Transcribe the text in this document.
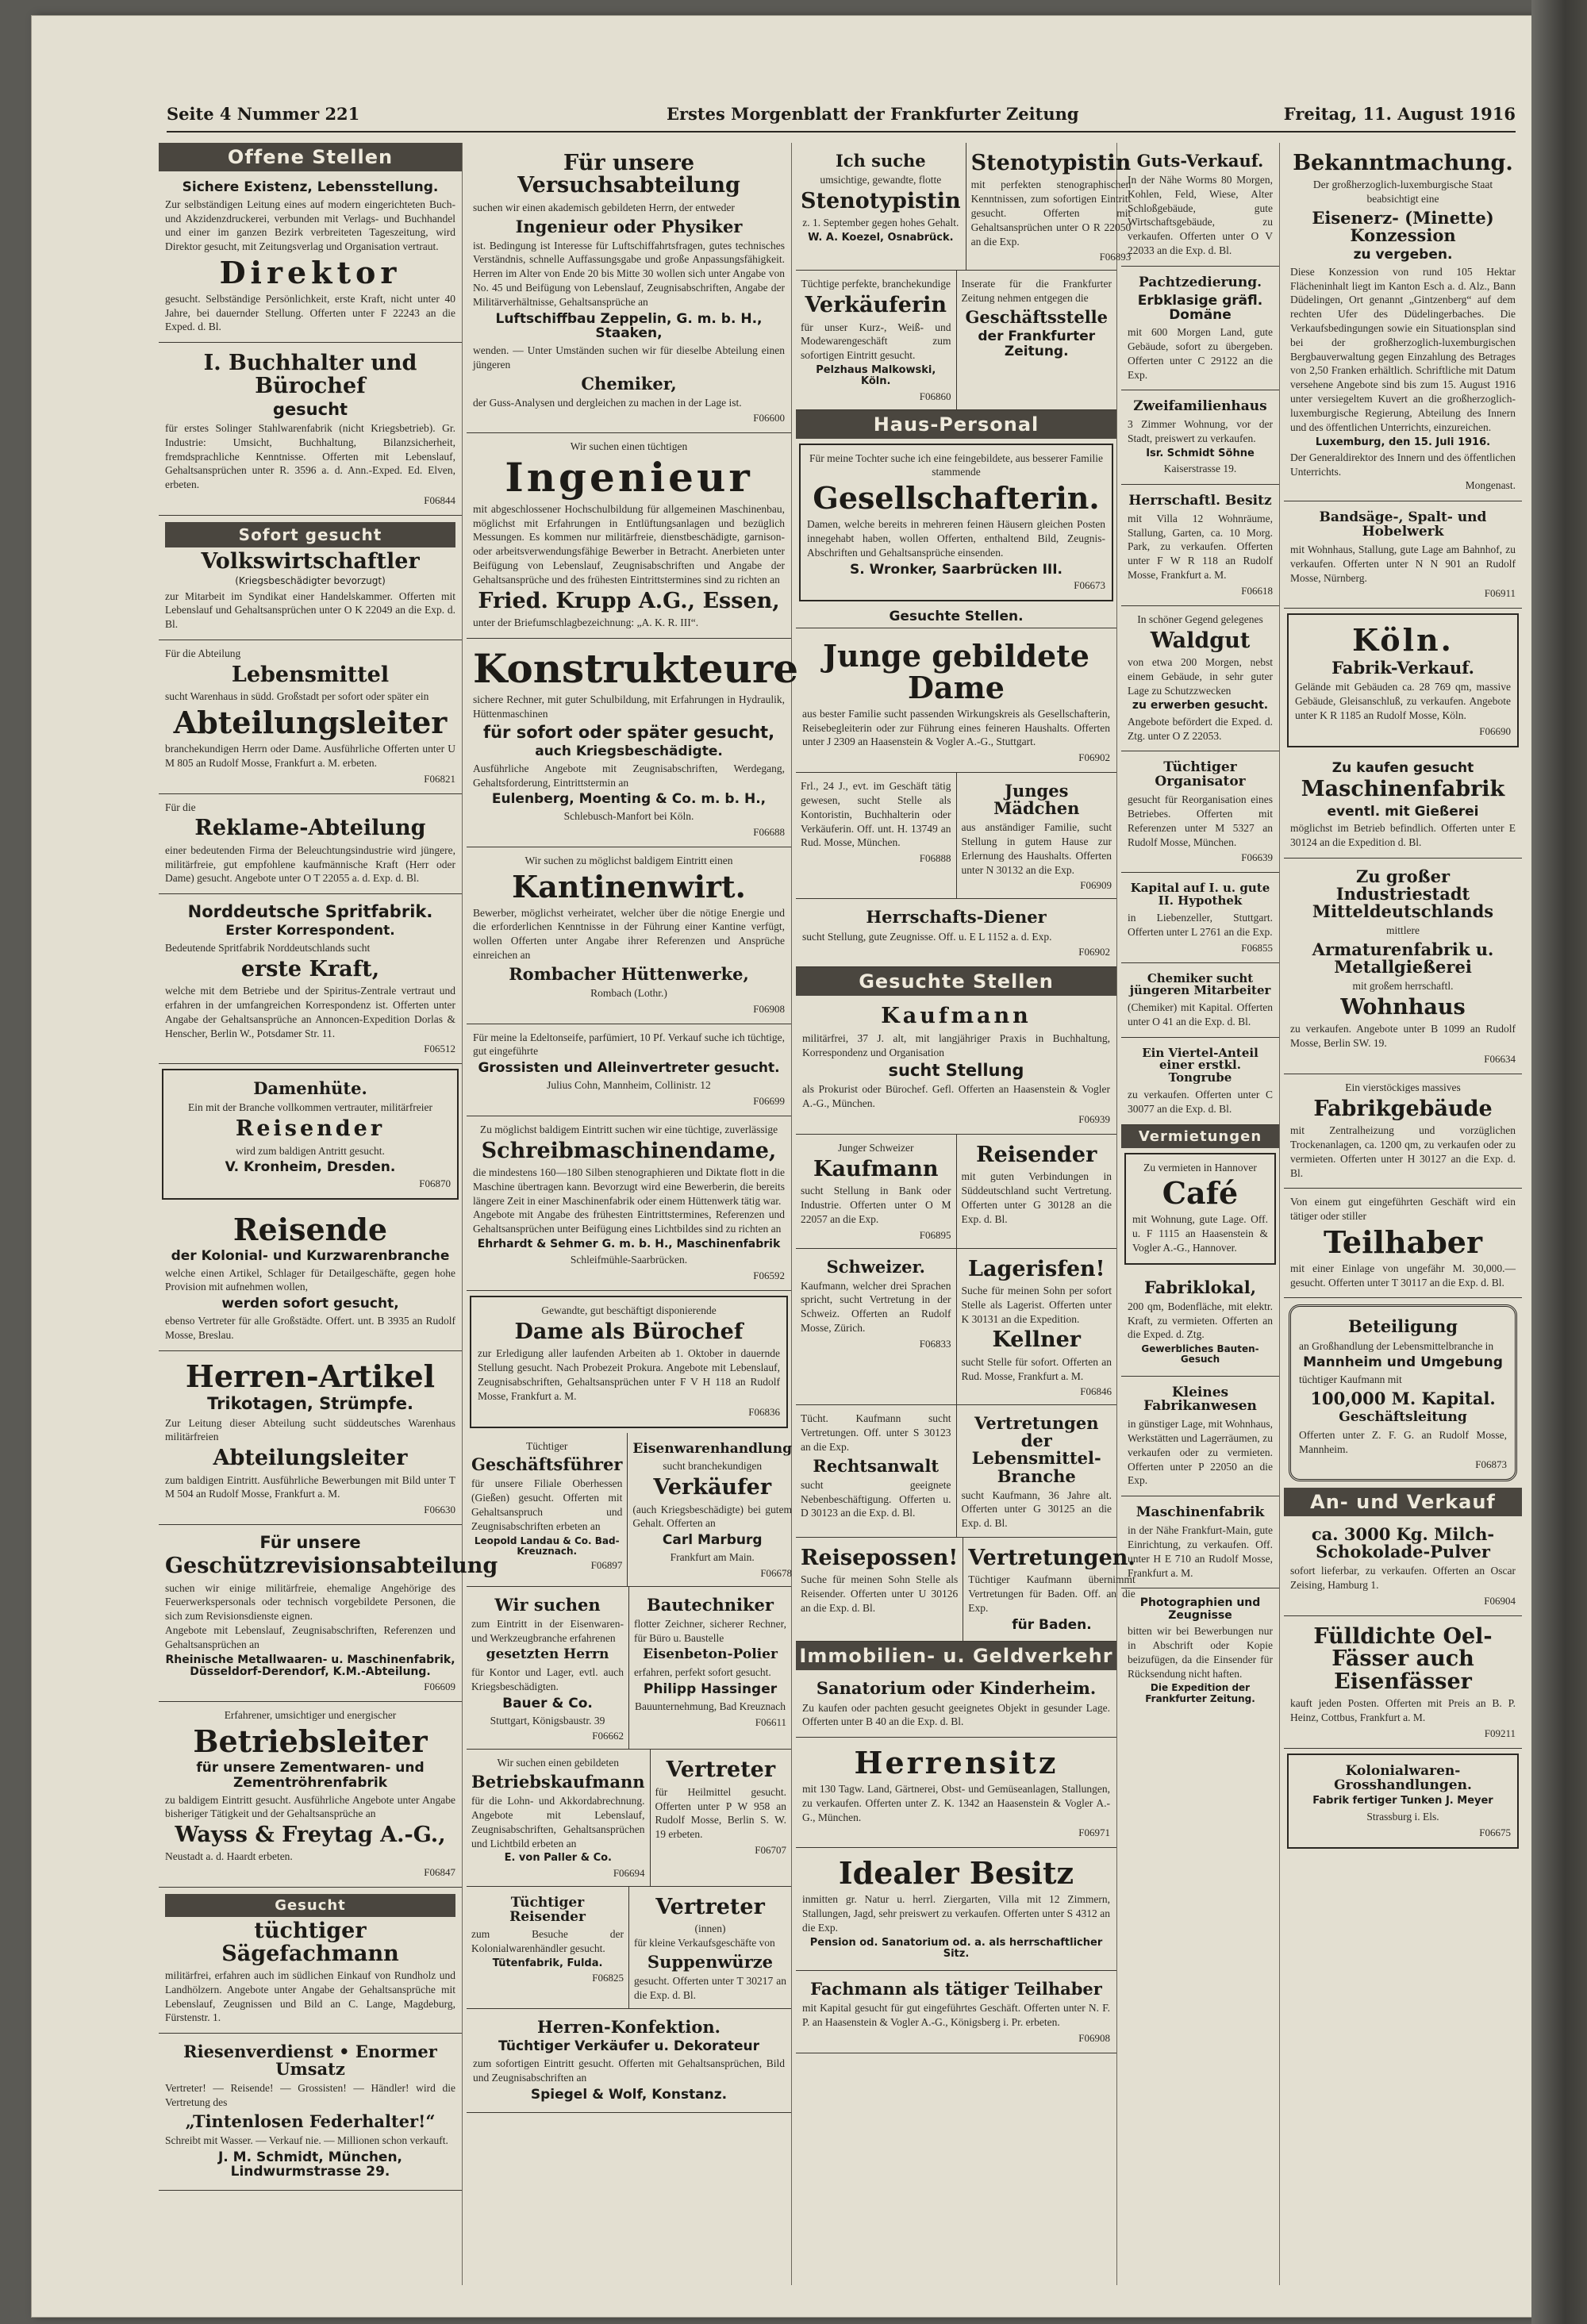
Seite 4 Nummer 221	Erstes Morgenblatt der Frankfurter Zeitung	Freitag, 11. August 1916
Offene Stellen
Sichere Existenz, Lebensstellung.
Zur selbständigen Leitung eines auf modern eingerichteten Buch- und Akzidenzdruckerei, verbunden mit Verlags- und Buchhandel und einer im ganzen Bezirk verbreiteten Tageszeitung, wird Direktor gesucht, mit Zeitungsverlag und Organisation vertraut.
Direktor
gesucht. Selbständige Persönlichkeit, erste Kraft, nicht unter 40 Jahre, bei dauernder Stellung. Offerten unter F 22243 an die Exped. d. Bl.
I. Buchhalter und Bürochef
gesucht
für erstes Solinger Stahlwarenfabrik (nicht Kriegsbetrieb). Gr. Industrie: Umsicht, Buchhaltung, Bilanzsicherheit, fremdsprachliche Kenntnisse. Offerten mit Lebenslauf, Gehaltsansprüchen unter R. 3596 a. d. Ann.-Exped. Ed. Elven, erbeten.
F06844
Sofort gesucht
Volkswirtschaftler
(Kriegsbeschädigter bevorzugt)
zur Mitarbeit im Syndikat einer Handelskammer. Offerten mit Lebenslauf und Gehaltsansprüchen unter O K 22049 an die Exp. d. Bl.
Für die Abteilung
Lebensmittel
sucht Warenhaus in südd. Großstadt per sofort oder später ein
Abteilungsleiter
branchekundigen Herrn oder Dame. Ausführliche Offerten unter U M 805 an Rudolf Mosse, Frankfurt a. M. erbeten.
F06821
Für die
Reklame-Abteilung
einer bedeutenden Firma der Beleuchtungsindustrie wird jüngere, militärfreie, gut empfohlene kaufmännische Kraft (Herr oder Dame) gesucht. Angebote unter O T 22055 a. d. Exp. d. Bl.
Norddeutsche Spritfabrik.
Erster Korrespondent.
Bedeutende Spritfabrik Norddeutschlands sucht
erste Kraft,
welche mit dem Betriebe und der Spiritus-Zentrale vertraut und erfahren in der umfangreichen Korrespondenz ist. Offerten unter Angabe der Gehaltsansprüche an Annoncen-Expedition Dorlas & Henscher, Berlin W., Potsdamer Str. 11.
F06512
Damenhüte.
Ein mit der Branche vollkommen vertrauter, militärfreier
Reisender
wird zum baldigen Antritt gesucht.
V. Kronheim, Dresden.
F06870
Reisende
der Kolonial- und Kurzwarenbranche
welche einen Artikel, Schlager für Detailgeschäfte, gegen hohe Provision mit aufnehmen wollen,
werden sofort gesucht,
ebenso Vertreter für alle Großstädte. Offert. unt. B 3935 an Rudolf Mosse, Breslau.
Herren-Artikel
Trikotagen, Strümpfe.
Zur Leitung dieser Abteilung sucht süddeutsches Warenhaus militärfreien
Abteilungsleiter
zum baldigen Eintritt. Ausführliche Bewerbungen mit Bild unter T M 504 an Rudolf Mosse, Frankfurt a. M.
F06630
Für unsere
Geschützrevisionsabteilung
suchen wir einige militärfreie, ehemalige Angehörige des Feuerwerkspersonals oder technisch vorgebildete Personen, die sich zum Revisionsdienste eignen.
Angebote mit Lebenslauf, Zeugnisabschriften, Referenzen und Gehaltsansprüchen an
Rheinische Metallwaaren- u. Maschinenfabrik, Düsseldorf-Derendorf, K.M.-Abteilung.
F06609
Erfahrener, umsichtiger und energischer
Betriebsleiter
für unsere Zementwaren- und Zementröhrenfabrik
zu baldigem Eintritt gesucht. Ausführliche Angebote unter Angabe bisheriger Tätigkeit und der Gehaltsansprüche an
Wayss & Freytag A.-G.,
Neustadt a. d. Haardt erbeten.
F06847
Gesucht
tüchtiger Sägefachmann
militärfrei, erfahren auch im südlichen Einkauf von Rundholz und Landhölzern. Angebote unter Angabe der Gehaltsansprüche mit Lebenslauf, Zeugnissen und Bild an C. Lange, Magdeburg, Fürstenstr. 1.
Riesenverdienst • Enormer Umsatz
Vertreter! — Reisende! — Grossisten! — Händler! wird die Vertretung des
„Tintenlosen Federhalter!“
Schreibt mit Wasser. — Verkauf nie. — Millionen schon verkauft.
J. M. Schmidt, München, Lindwurmstrasse 29.
Für unsere Versuchsabteilung
suchen wir einen akademisch gebildeten Herrn, der entweder
Ingenieur oder Physiker
ist. Bedingung ist Interesse für Luftschiffahrtsfragen, gutes technisches Verständnis, schnelle Auffassungsgabe und große Anpassungsfähigkeit. Herren im Alter von Ende 20 bis Mitte 30 wollen sich unter Angabe von No. 45 und Beifügung von Lebenslauf, Zeugnisabschriften, Angabe der Militärverhältnisse, Gehaltsansprüche an
Luftschiffbau Zeppelin, G. m. b. H., Staaken,
wenden. — Unter Umständen suchen wir für dieselbe Abteilung einen jüngeren
Chemiker,
der Guss-Analysen und dergleichen zu machen in der Lage ist.
F06600
Wir suchen einen tüchtigen
Ingenieur
mit abgeschlossener Hochschulbildung für allgemeinen Maschinenbau, möglichst mit Erfahrungen in Entlüftungsanlagen und bezüglich Messungen. Es kommen nur militärfreie, dienstbeschädigte, garnison- oder arbeitsverwendungsfähige Bewerber in Betracht. Anerbieten unter Beifügung von Lebenslauf, Zeugnisabschriften und Angabe der Gehaltsansprüche und des frühesten Eintrittstermines sind zu richten an
Fried. Krupp A.G., Essen,
unter der Briefumschlagbezeichnung: „A. K. R. III“.
Konstrukteure
sichere Rechner, mit guter Schulbildung, mit Erfahrungen in Hydraulik, Hüttenmaschinen
für sofort oder später gesucht,
auch Kriegsbeschädigte.
Ausführliche Angebote mit Zeugnisabschriften, Werdegang, Gehaltsforderung, Eintrittstermin an
Eulenberg, Moenting & Co. m. b. H.,
Schlebusch-Manfort bei Köln.
F06688
Wir suchen zu möglichst baldigem Eintritt einen
Kantinenwirt.
Bewerber, möglichst verheiratet, welcher über die nötige Energie und die erforderlichen Kenntnisse in der Führung einer Kantine verfügt, wollen Offerten unter Angabe ihrer Referenzen und Ansprüche einreichen an
Rombacher Hüttenwerke,
Rombach (Lothr.)
F06908
Für meine la Edeltonseife, parfümiert, 10 Pf. Verkauf suche ich tüchtige, gut eingeführte
Grossisten und Alleinvertreter gesucht.
Julius Cohn, Mannheim, Collinistr. 12
F06699
Zu möglichst baldigem Eintritt suchen wir eine tüchtige, zuverlässige
Schreibmaschinendame,
die mindestens 160—180 Silben stenographieren und Diktate flott in die Maschine übertragen kann. Bevorzugt wird eine Bewerberin, die bereits längere Zeit in einer Maschinenfabrik oder einem Hüttenwerk tätig war.
Angebote mit Angabe des frühesten Eintrittstermines, Referenzen und Gehaltsansprüchen unter Beifügung eines Lichtbildes sind zu richten an
Ehrhardt & Sehmer G. m. b. H., Maschinenfabrik
Schleifmühle-Saarbrücken.
F06592
Gewandte, gut beschäftigt disponierende
Dame als Bürochef
zur Erledigung aller laufenden Arbeiten ab 1. Oktober in dauernde Stellung gesucht. Nach Probezeit Prokura. Angebote mit Lebenslauf, Zeugnisabschriften, Gehaltsansprüchen unter F V H 118 an Rudolf Mosse, Frankfurt a. M.
F06836
Tüchtiger
Geschäftsführer
für unsere Filiale Oberhessen (Gießen) gesucht. Offerten mit Gehaltsanspruch und Zeugnisabschriften erbeten an
Leopold Landau & Co. Bad-Kreuznach.
F06897
Eisenwarenhandlung
sucht branchekundigen
Verkäufer
(auch Kriegsbeschädigte) bei gutem Gehalt. Offerten an
Carl Marburg
Frankfurt am Main.
F06678
Wir suchen
zum Eintritt in der Eisenwaren- und Werkzeugbranche erfahrenen
gesetzten Herrn
für Kontor und Lager, evtl. auch Kriegsbeschädigten.
Bauer & Co.
Stuttgart, Königsbaustr. 39
F06662
Bautechniker
flotter Zeichner, sicherer Rechner, für Büro u. Baustelle
Eisenbeton-Polier
erfahren, perfekt sofort gesucht.
Philipp Hassinger
Bauunternehmung, Bad Kreuznach
F06611
Wir suchen einen gebildeten
Betriebskaufmann
für die Lohn- und Akkordabrechnung. Angebote mit Lebenslauf, Zeugnisabschriften, Gehaltsansprüchen und Lichtbild erbeten an
E. von Paller & Co.
F06694
Vertreter
für Heilmittel gesucht. Offerten unter P W 958 an Rudolf Mosse, Berlin S. W. 19 erbeten.
F06707
Tüchtiger Reisender
zum Besuche der Kolonialwarenhändler gesucht.
Tütenfabrik, Fulda.
F06825
Vertreter
(innen)
für kleine Verkaufsgeschäfte von
Suppenwürze
gesucht. Offerten unter T 30217 an die Exp. d. Bl.
Herren-Konfektion.
Tüchtiger Verkäufer u. Dekorateur
zum sofortigen Eintritt gesucht. Offerten mit Gehaltsansprüchen, Bild und Zeugnisabschriften an
Spiegel & Wolf, Konstanz.
Ich suche
umsichtige, gewandte, flotte
Stenotypistin
z. 1. September gegen hohes Gehalt.
W. A. Koezel, Osnabrück.
Stenotypistin
mit perfekten stenographischen Kenntnissen, zum sofortigen Eintritt gesucht. Offerten mit Gehaltsansprüchen unter O R 22050 an die Exp.
F06893
Tüchtige perfekte, branchekundige
Verkäuferin
für unser Kurz-, Weiß- und Modewarengeschäft zum sofortigen Eintritt gesucht.
Pelzhaus Malkowski, Köln.
F06860
Inserate für die Frankfurter Zeitung nehmen entgegen die
Geschäftsstelle
der Frankfurter Zeitung.
Haus-Personal
Für meine Tochter suche ich eine feingebildete, aus besserer Familie stammende
Gesellschafterin.
Damen, welche bereits in mehreren feinen Häusern gleichen Posten innegehabt haben, wollen Offerten, enthaltend Bild, Zeugnis-Abschriften und Gehaltsansprüche einsenden.
S. Wronker, Saarbrücken III.
F06673
Gesuchte Stellen.
Junge gebildete Dame
aus bester Familie sucht passenden Wirkungskreis als Gesellschafterin, Reisebegleiterin oder zur Führung eines feineren Haushalts. Offerten unter J 2309 an Haasenstein & Vogler A.-G., Stuttgart.
F06902
Frl., 24 J., evt. im Geschäft tätig gewesen, sucht Stelle als Kontoristin, Buchhalterin oder Verkäuferin. Off. unt. H. 13749 an Rud. Mosse, München.
F06888
Junges Mädchen
aus anständiger Familie, sucht Stellung in gutem Hause zur Erlernung des Haushalts. Offerten unter N 30132 an die Exp.
F06909
Herrschafts-Diener
sucht Stellung, gute Zeugnisse. Off. u. E L 1152 a. d. Exp.
F06902
Gesuchte Stellen
Kaufmann
militärfrei, 37 J. alt, mit langjähriger Praxis in Buchhaltung, Korrespondenz und Organisation
sucht Stellung
als Prokurist oder Bürochef. Gefl. Offerten an Haasenstein & Vogler A.-G., München.
F06939
Junger Schweizer
Kaufmann
sucht Stellung in Bank oder Industrie. Offerten unter O M 22057 an die Exp.
F06895
Reisender
mit guten Verbindungen in Süddeutschland sucht Vertretung. Offerten unter G 30128 an die Exp. d. Bl.
Schweizer.
Kaufmann, welcher drei Sprachen spricht, sucht Vertretung in der Schweiz. Offerten an Rudolf Mosse, Zürich.
F06833
Lagerisfen!
Suche für meinen Sohn per sofort Stelle als Lagerist. Offerten unter K 30131 an die Expedition.
Kellner
sucht Stelle für sofort. Offerten an Rud. Mosse, Frankfurt a. M.
F06846
Tücht. Kaufmann sucht Vertretungen. Off. unter S 30123 an die Exp.
Rechtsanwalt
sucht geeignete Nebenbeschäftigung. Offerten u. D 30123 an die Exp. d. Bl.
Vertretungen der Lebensmittel-Branche
sucht Kaufmann, 36 Jahre alt. Offerten unter G 30125 an die Exp. d. Bl.
Reisepossen!
Suche für meinen Sohn Stelle als Reisender. Offerten unter U 30126 an die Exp. d. Bl.
Vertretungen.
Tüchtiger Kaufmann übernimmt Vertretungen für Baden. Off. an die Exp.
für Baden.
Immobilien- u. Geldverkehr
Sanatorium oder Kinderheim.
Zu kaufen oder pachten gesucht geeignetes Objekt in gesunder Lage. Offerten unter B 40 an die Exp. d. Bl.
Herrensitz
mit 130 Tagw. Land, Gärtnerei, Obst- und Gemüseanlagen, Stallungen, zu verkaufen. Offerten unter Z. K. 1342 an Haasenstein & Vogler A.-G., München.
F06971
Idealer Besitz
inmitten gr. Natur u. herrl. Ziergarten, Villa mit 12 Zimmern, Stallungen, Jagd, sehr preiswert zu verkaufen. Offerten unter S 4312 an die Exp.
Pension od. Sanatorium od. a. als herrschaftlicher Sitz.
Fachmann als tätiger Teilhaber
mit Kapital gesucht für gut eingeführtes Geschäft. Offerten unter N. F. P. an Haasenstein & Vogler A.-G., Königsberg i. Pr. erbeten.
F06908
Guts-Verkauf.
In der Nähe Worms 80 Morgen, Kohlen, Feld, Wiese, Alter Schloßgebäude, gute Wirtschaftsgebäude, zu verkaufen. Offerten unter O V 22033 an die Exp. d. Bl.
Pachtzedierung.
Erbklasige gräfl. Domäne
mit 600 Morgen Land, gute Gebäude, sofort zu übergeben. Offerten unter C 29122 an die Exp.
Zweifamilienhaus
3 Zimmer Wohnung, vor der Stadt, preiswert zu verkaufen.
Isr. Schmidt Söhne
Kaiserstrasse 19.
Herrschaftl. Besitz
mit Villa 12 Wohnräume, Stallung, Garten, ca. 10 Morg. Park, zu verkaufen. Offerten unter F W R 118 an Rudolf Mosse, Frankfurt a. M.
F06618
In schöner Gegend gelegenes
Waldgut
von etwa 200 Morgen, nebst einem Gebäude, in sehr guter Lage zu Schutzzwecken
zu erwerben gesucht.
Angebote befördert die Exped. d. Ztg. unter O Z 22053.
Tüchtiger Organisator
gesucht für Reorganisation eines Betriebes. Offerten mit Referenzen unter M 5327 an Rudolf Mosse, München.
F06639
Kapital auf I. u. gute II. Hypothek
in Liebenzeller, Stuttgart. Offerten unter L 2761 an die Exp.
F06855
Chemiker sucht jüngeren Mitarbeiter
(Chemiker) mit Kapital. Offerten unter O 41 an die Exp. d. Bl.
Ein Viertel-Anteil einer erstkl. Tongrube
zu verkaufen. Offerten unter C 30077 an die Exp. d. Bl.
Vermietungen
Zu vermieten in Hannover
Café
mit Wohnung, gute Lage. Off. u. F 1115 an Haasenstein & Vogler A.-G., Hannover.
Fabriklokal,
200 qm, Bodenfläche, mit elektr. Kraft, zu vermieten. Offerten an die Exped. d. Ztg.
Gewerbliches Bauten-Gesuch
Kleines Fabrikanwesen
in günstiger Lage, mit Wohnhaus, Werkstätten und Lagerräumen, zu verkaufen oder zu vermieten. Offerten unter P 22050 an die Exp.
Maschinenfabrik
in der Nähe Frankfurt-Main, gute Einrichtung, zu verkaufen. Off. unter H E 710 an Rudolf Mosse, Frankfurt a. M.
Photographien und Zeugnisse
bitten wir bei Bewerbungen nur in Abschrift oder Kopie beizufügen, da die Einsender für Rücksendung nicht haften.
Die Expedition der Frankfurter Zeitung.
Bekanntmachung.
Der großherzoglich-luxemburgische Staat beabsichtigt eine
Eisenerz- (Minette) Konzession
zu vergeben.
Diese Konzession von rund 105 Hektar Flächeninhalt liegt im Kanton Esch a. d. Alz., Bann Düdelingen, Ort genannt „Gintzenberg“ auf dem rechten Ufer des Düdelingerbaches. Die Verkaufsbedingungen sowie ein Situationsplan sind bei der großherzoglich-luxemburgischen Bergbauverwaltung gegen Einzahlung des Betrages von 2,50 Franken erhältlich. Schriftliche mit Datum versehene Angebote sind bis zum 15. August 1916 unter versiegeltem Kuvert an die großherzoglich-luxemburgische Regierung, Abteilung des Innern und des öffentlichen Unterrichts, einzureichen.
Luxemburg, den 15. Juli 1916.
Der Generaldirektor des Innern und des öffentlichen Unterrichts.
Mongenast.
Bandsäge-, Spalt- und Hobelwerk
mit Wohnhaus, Stallung, gute Lage am Bahnhof, zu verkaufen. Offerten unter N N 901 an Rudolf Mosse, Nürnberg.
F06911
Köln.
Fabrik-Verkauf.
Gelände mit Gebäuden ca. 28 769 qm, massive Gebäude, Gleisanschluß, zu verkaufen. Angebote unter K R 1185 an Rudolf Mosse, Köln.
F06690
Zu kaufen gesucht
Maschinenfabrik
eventl. mit Gießerei
möglichst im Betrieb befindlich. Offerten unter E 30124 an die Expedition d. Bl.
Zu großer Industriestadt Mitteldeutschlands
mittlere
Armaturenfabrik u. Metallgießerei
mit großem herrschaftl.
Wohnhaus
zu verkaufen. Angebote unter B 1099 an Rudolf Mosse, Berlin SW. 19.
F06634
Ein vierstöckiges massives
Fabrikgebäude
mit Zentralheizung und vorzüglichen Trockenanlagen, ca. 1200 qm, zu verkaufen oder zu vermieten. Offerten unter H 30127 an die Exp. d. Bl.
Von einem gut eingeführten Geschäft wird ein tätiger oder stiller
Teilhaber
mit einer Einlage von ungefähr M. 30,000.— gesucht. Offerten unter T 30117 an die Exp. d. Bl.
Beteiligung
an Großhandlung der Lebensmittelbranche in
Mannheim und Umgebung
tüchtiger Kaufmann mit
100,000 M. Kapital.
Geschäftsleitung
Offerten unter Z. F. G. an Rudolf Mosse, Mannheim.
F06873
An- und Verkauf
ca. 3000 Kg. Milch-Schokolade-Pulver
sofort lieferbar, zu verkaufen. Offerten an Oscar Zeising, Hamburg 1.
F06904
Fülldichte Oel-Fässer auch Eisenfässer
kauft jeden Posten. Offerten mit Preis an B. P. Heinz, Cottbus, Frankfurt a. M.
F09211
Kolonialwaren-Grosshandlungen.
Fabrik fertiger Tunken J. Meyer
Strassburg i. Els.
F06675
